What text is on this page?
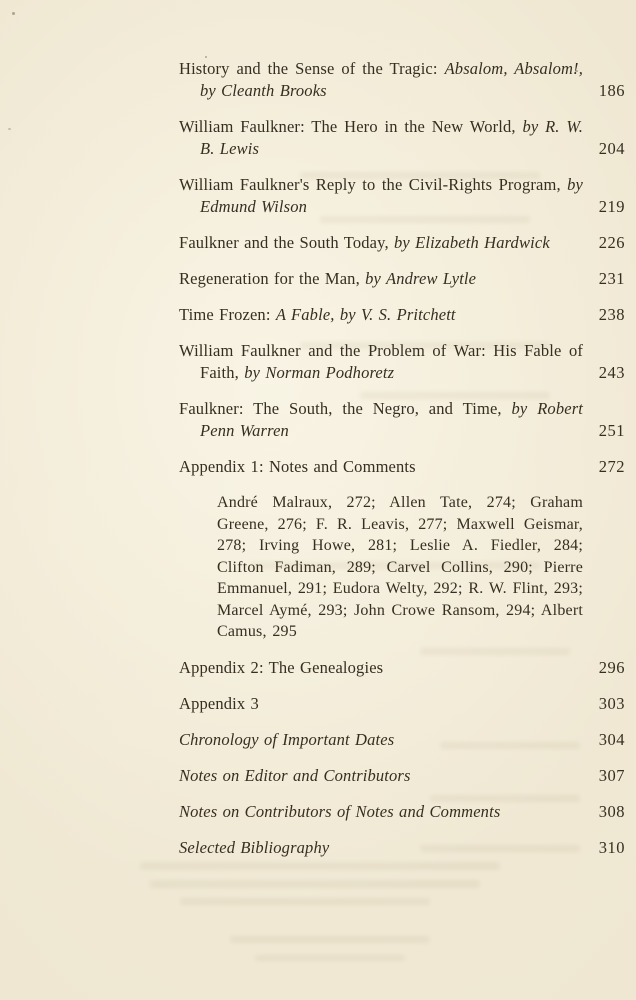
History and the Sense of the Tragic: Absalom, Absalom!, by Cleanth Brooks	186
William Faulkner: The Hero in the New World, by R. W. B. Lewis	204
William Faulkner's Reply to the Civil-Rights Program, by Edmund Wilson	219
Faulkner and the South Today, by Elizabeth Hardwick	226
Regeneration for the Man, by Andrew Lytle	231
Time Frozen: A Fable, by V. S. Pritchett	238
William Faulkner and the Problem of War: His Fable of Faith, by Norman Podhoretz	243
Faulkner: The South, the Negro, and Time, by Robert Penn Warren	251
Appendix 1: Notes and Comments	272
André Malraux, 272; Allen Tate, 274; Graham Greene, 276; F. R. Leavis, 277; Maxwell Geismar, 278; Irving Howe, 281; Leslie A. Fiedler, 284; Clifton Fadiman, 289; Carvel Collins, 290; Pierre Emmanuel, 291; Eudora Welty, 292; R. W. Flint, 293; Marcel Aymé, 293; John Crowe Ransom, 294; Albert Camus, 295
Appendix 2: The Genealogies	296
Appendix 3	303
Chronology of Important Dates	304
Notes on Editor and Contributors	307
Notes on Contributors of Notes and Comments	308
Selected Bibliography	310
